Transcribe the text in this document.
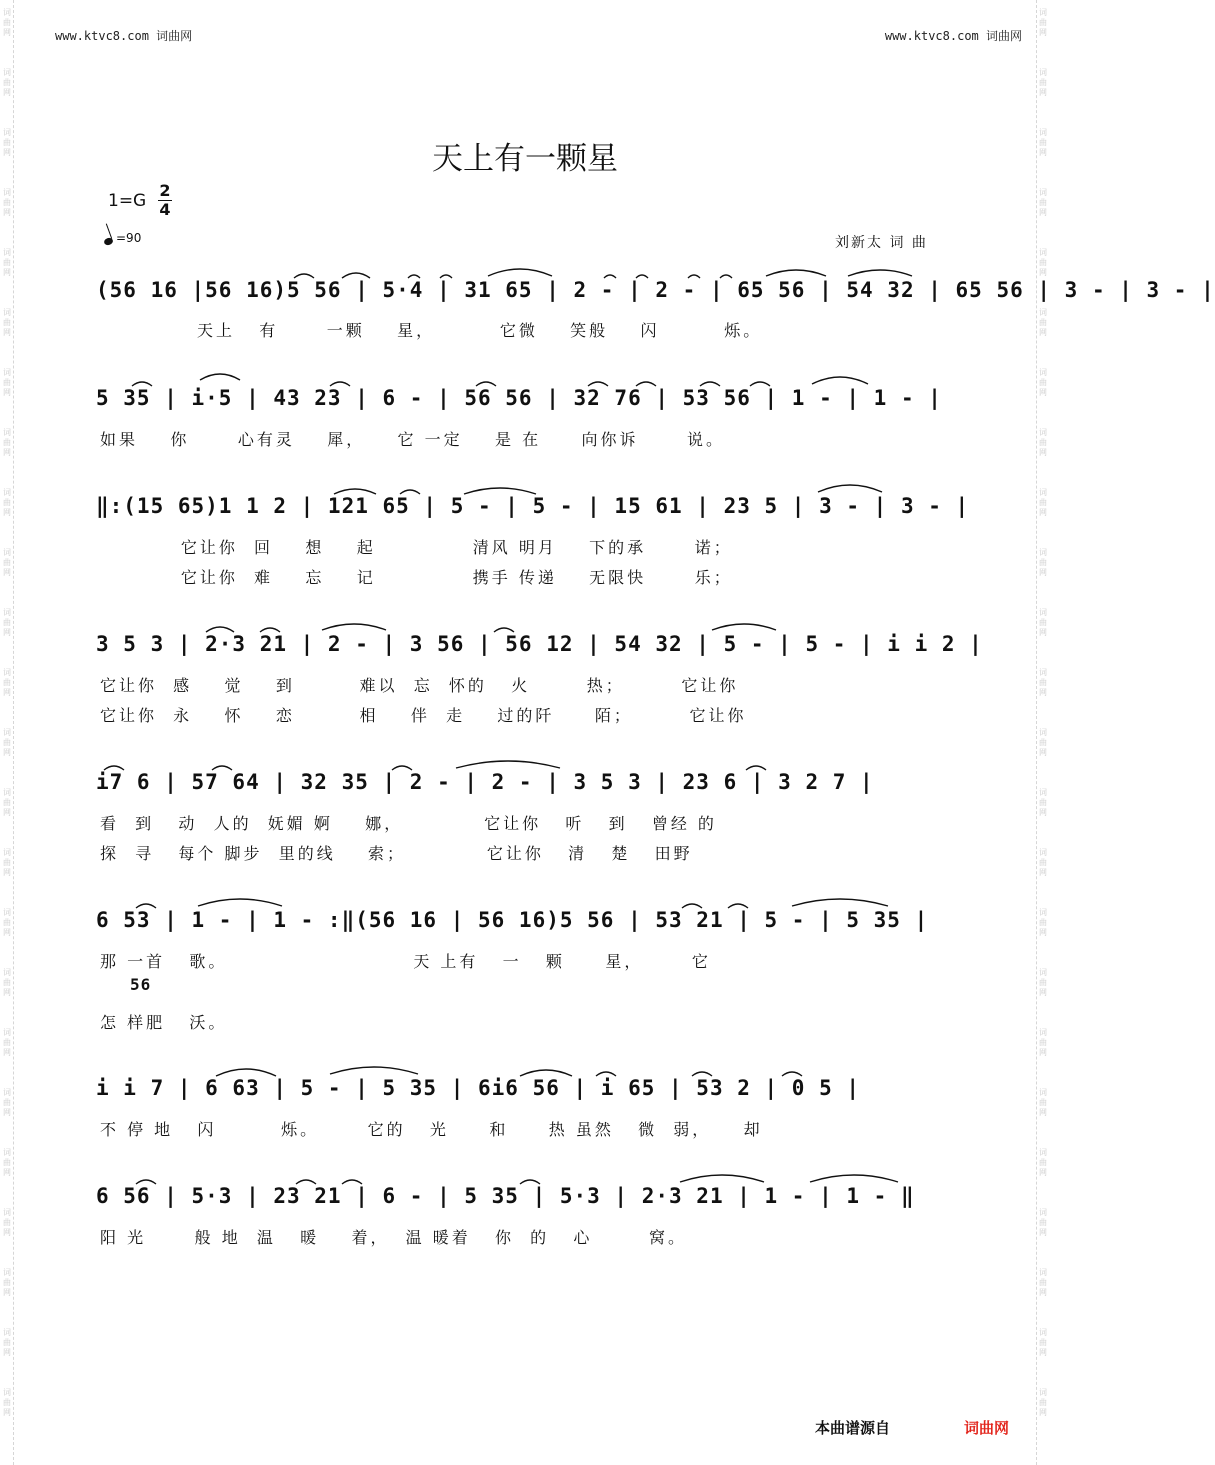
词曲网
词曲网
词曲网
词曲网
词曲网
词曲网
词曲网
词曲网
词曲网
词曲网
词曲网
词曲网
词曲网
词曲网
词曲网
词曲网
词曲网
词曲网
词曲网
词曲网
词曲网
词曲网
词曲网
词曲网
词曲网
词曲网
词曲网
词曲网
词曲网
词曲网
词曲网
词曲网
词曲网
词曲网
词曲网
词曲网
词曲网
词曲网
词曲网
词曲网
词曲网
词曲网
词曲网
词曲网
词曲网
词曲网
词曲网
词曲网
www.ktvc8.com 词曲网	www.ktvc8.com 词曲网
天上有一颗星
1=G
2
4
=90	刘新太 词 曲
(56 16 |56 16)5 56 | 5·4 | 31 65 | 2 - | 2 - | 65 56 | 54 32 | 65 56 | 3 - | 3 - |
天上   有      一颗    星，        它微    笑般    闪        烁。
5 35 | i·5 | 43 23 | 6 - | 56 56 | 32 76 | 53 56 | 1 - | 1 - |
如果    你      心有灵    犀，    它 一定    是 在     向你诉      说。
‖:(15 65)1 1 2 | 121 65 | 5 - | 5 - | 15 61 | 23 5 | 3 - | 3 - |
它让你  回    想    起            清风 明月    下的承      诺；
它让你  难    忘    记            携手 传递    无限快      乐；
3 5 3 | 2·3 21 | 2 - | 3 56 | 56 12 | 54 32 | 5 - | 5 - | i i 2 |
它让你  感    觉    到        难以  忘  怀的   火       热；       它让你
它让你  永    怀    恋        相    伴  走    过的阡     陌；       它让你
i7 6 | 57 64 | 32 35 | 2 - | 2 - | 3 5 3 | 23 6 | 3 2 7 |
看  到   动  人的  妩媚 婀    娜，          它让你   听   到   曾经 的
探  寻   每个 脚步  里的线    索；          它让你   清   楚   田野
6 53 | 1 - | 1 - :‖(56 16 | 56 16)5 56 | 53 21 | 5 - | 5 35 |
那 一首   歌。                       天 上有   一   颗     星，      它
56
怎 样肥   沃。
i i 7 | 6 63 | 5 - | 5 35 | 6i6 56 | i 65 | 53 2 | 0 5 |
不 停 地   闪        烁。      它的   光     和     热 虽然   微  弱，    却
6 56 | 5·3 | 23 21 | 6 - | 5 35 | 5·3 | 2·3 21 | 1 - | 1 - ‖
阳 光      般 地  温   暖    着，  温 暖着   你  的   心       窝。
本曲谱源自	词曲网
